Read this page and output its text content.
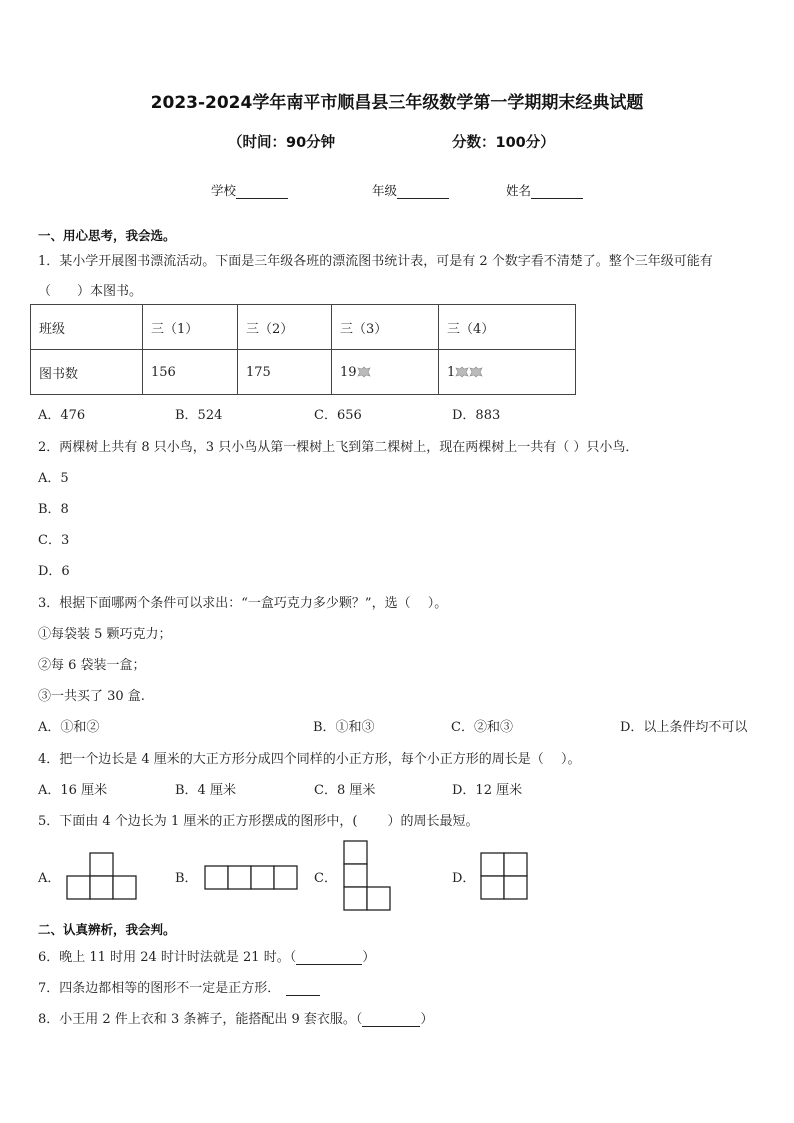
2023-2024学年南平市顺昌县三年级数学第一学期期末经典试题
（时间：90分钟	分数：100分）
学校	年级	姓名
一、用心思考，我会选。
1．某小学开展图书漂流活动。下面是三年级各班的漂流图书统计表，可是有 2 个数字看不清楚了。整个三年级可能有
（　　）本图书。
班级	三（1）	三（2）	三（3）	三（4）
图书数	156	175	19	1
A．476	B．524	C．656	D．883
2．两棵树上共有 8 只小鸟，3 只小鸟从第一棵树上飞到第二棵树上，现在两棵树上一共有（ ）只小鸟．
A．5
B．8
C．3
D．6
3．根据下面哪两个条件可以求出：“一盒巧克力多少颗？”，选（　 ）。
①每袋装 5 颗巧克力；
②每 6 袋装一盒；
③一共买了 30 盒.
A．①和②	B．①和③	C．②和③	D．以上条件均不可以
4．把一个边长是 4 厘米的大正方形分成四个同样的小正方形，每个小正方形的周长是（　 ）。
A．16 厘米	B．4 厘米	C．8 厘米	D．12 厘米
5．下面由 4 个边长为 1 厘米的正方形摆成的图形中，(　　 ）的周长最短。
A．	B．	C．	D．
二、认真辨析，我会判。
6．晚上 11 时用 24 时计时法就是 21 时。（	）
7．四条边都相等的图形不一定是正方形．
8．小王用 2 件上衣和 3 条裤子，能搭配出 9 套衣服。（	）
